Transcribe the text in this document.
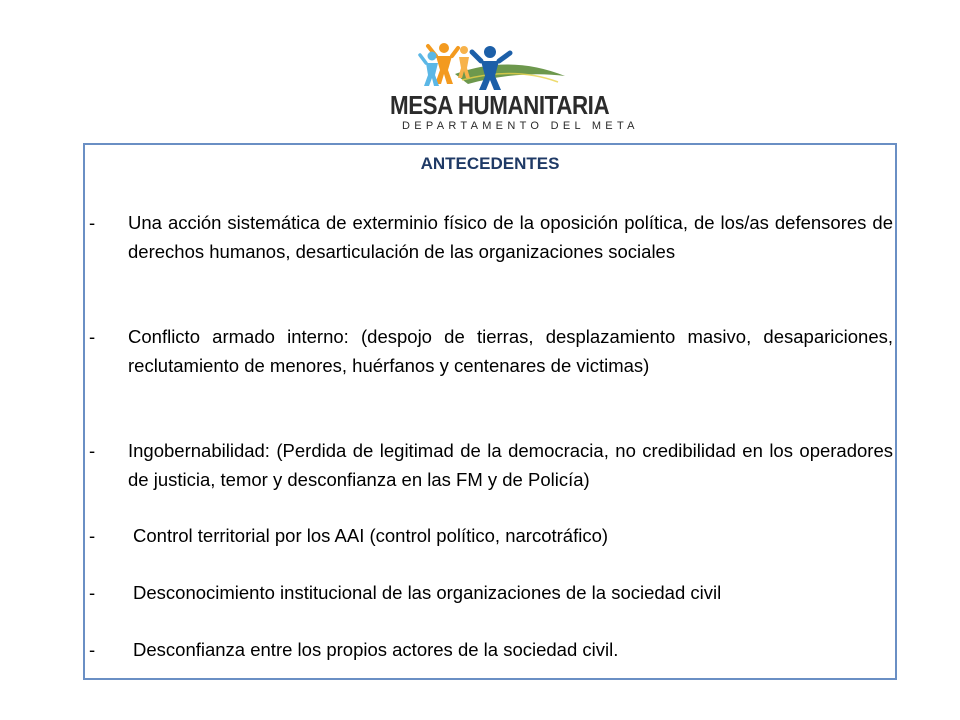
MESA HUMANITARIA
DEPARTAMENTO DEL META
ANTECEDENTES
- Una acción sistemática de exterminio físico de la oposición política, de los/as defensores de derechos humanos, desarticulación de las organizaciones sociales
- Conflicto armado interno: (despojo de tierras, desplazamiento masivo, desapariciones, reclutamiento de menores, huérfanos y centenares de victimas)
- Ingobernabilidad: (Perdida de legitimad de la democracia, no credibilidad en los operadores de justicia, temor y desconfianza en las FM y de Policía)
- Control territorial por los AAI (control político, narcotráfico)
- Desconocimiento institucional de las organizaciones de la sociedad civil
- Desconfianza entre los propios actores de la sociedad civil.
